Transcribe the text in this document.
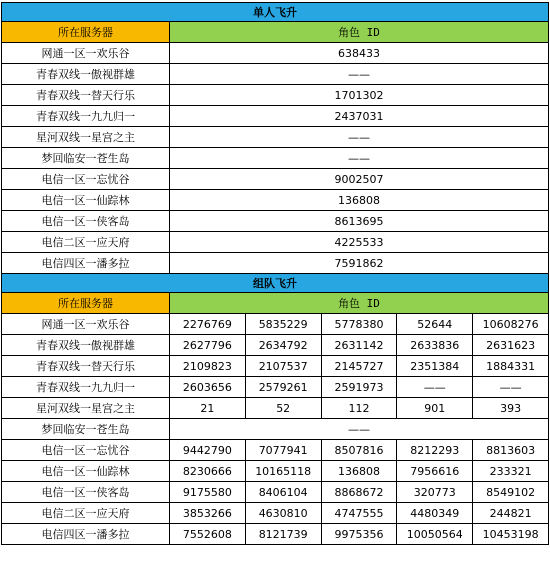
单人飞升					
所在服务器	角色 ID				
网通一区一欢乐谷	638433				
青春双线一傲视群雄	——				
青春双线一替天行乐	1701302				
青春双线一九九归一	2437031				
星河双线一星宫之主	——				
梦回临安一苍生岛	——				
电信一区一忘忧谷	9002507				
电信一区一仙踪林	136808				
电信一区一侠客岛	8613695				
电信二区一应天府	4225533				
电信四区一潘多拉	7591862				
组队飞升					
所在服务器	角色 ID				
网通一区一欢乐谷	2276769	5835229	5778380	52644	10608276
青春双线一傲视群雄	2627796	2634792	2631142	2633836	2631623
青春双线一替天行乐	2109823	2107537	2145727	2351384	1884331
青春双线一九九归一	2603656	2579261	2591973	——	——
星河双线一星宫之主	21	52	112	901	393
梦回临安一苍生岛	——				
电信一区一忘忧谷	9442790	7077941	8507816	8212293	8813603
电信一区一仙踪林	8230666	10165118	136808	7956616	233321
电信一区一侠客岛	9175580	8406104	8868672	320773	8549102
电信二区一应天府	3853266	4630810	4747555	4480349	244821
电信四区一潘多拉	7552608	8121739	9975356	10050564	10453198
